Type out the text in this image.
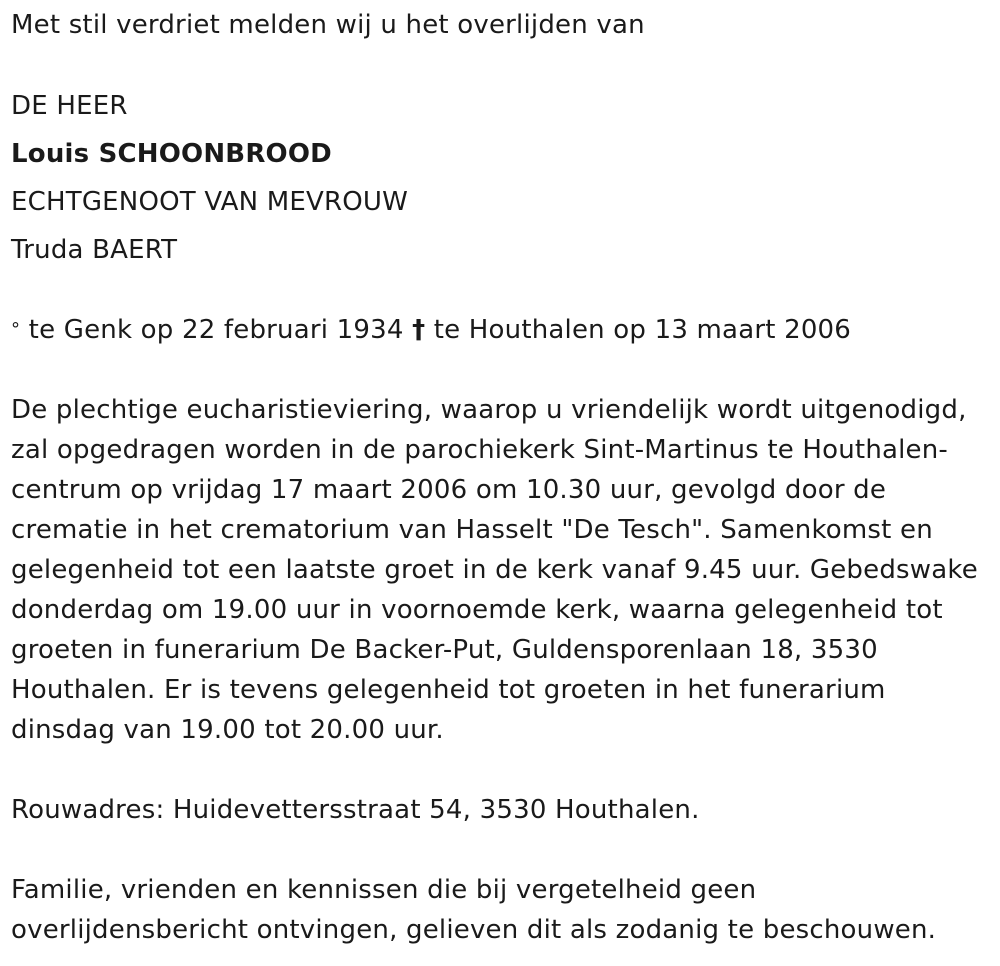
Met stil verdriet melden wij u het overlijden van
DE HEER
Louis SCHOONBROOD
ECHTGENOOT VAN MEVROUW
Truda BAERT
° te Genk op 22 februari 1934 † te Houthalen op 13 maart 2006
De plechtige eucharistieviering, waarop u vriendelijk wordt uitgenodigd,
zal opgedragen worden in de parochiekerk Sint-Martinus te Houthalen-
centrum op vrijdag 17 maart 2006 om 10.30 uur, gevolgd door de
crematie in het crematorium van Hasselt "De Tesch". Samenkomst en
gelegenheid tot een laatste groet in de kerk vanaf 9.45 uur. Gebedswake
donderdag om 19.00 uur in voornoemde kerk, waarna gelegenheid tot
groeten in funerarium De Backer-Put, Guldensporenlaan 18, 3530
Houthalen. Er is tevens gelegenheid tot groeten in het funerarium
dinsdag van 19.00 tot 20.00 uur.
Rouwadres: Huidevettersstraat 54, 3530 Houthalen.
Familie, vrienden en kennissen die bij vergetelheid geen
overlijdensbericht ontvingen, gelieven dit als zodanig te beschouwen.
